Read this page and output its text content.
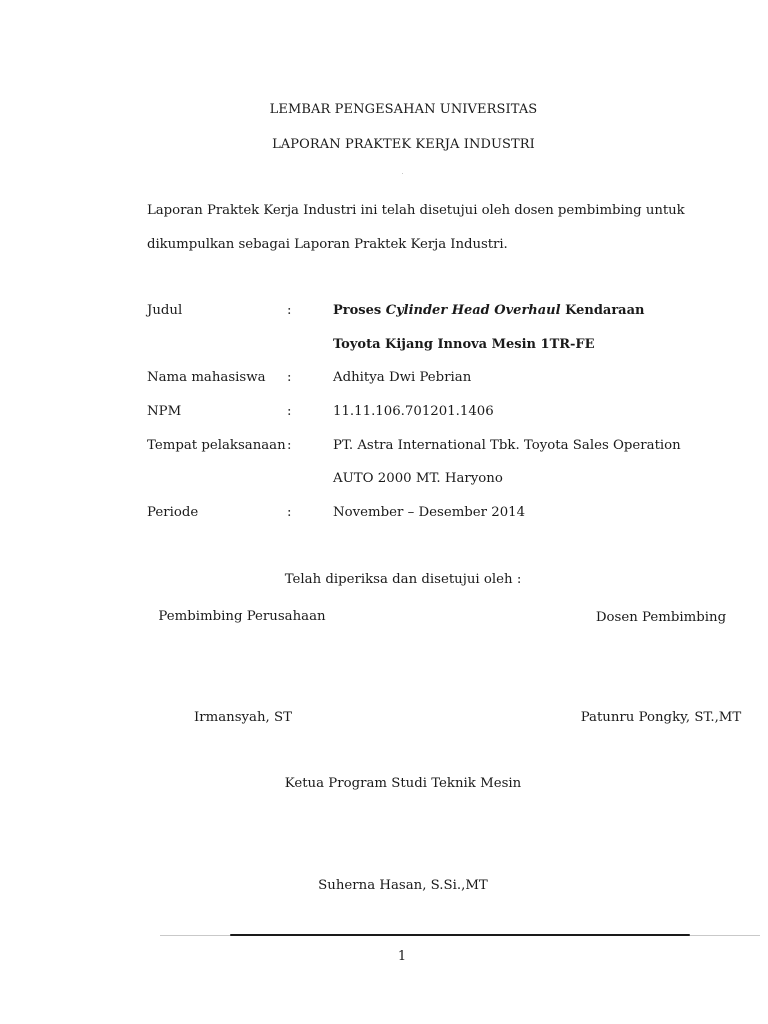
LEMBAR PENGESAHAN UNIVERSITAS
LAPORAN PRAKTEK KERJA INDUSTRI
Laporan Praktek Kerja Industri ini telah disetujui oleh dosen pembimbing untuk
dikumpulkan sebagai Laporan Praktek Kerja Industri.
Judul	:	Proses Cylinder Head Overhaul Kendaraan
Toyota Kijang Innova Mesin 1TR-FE
Nama mahasiswa :	Adhitya Dwi Pebrian
NPM	:	11.11.106.701201.1406
Tempat pelaksanaan :	PT. Astra International Tbk. Toyota Sales Operation
AUTO 2000 MT. Haryono
Periode	:	November – Desember 2014
Telah diperiksa dan disetujui oleh :
Pembimbing Perusahaan	Dosen Pembimbing
Irmansyah, ST	Patunru Pongky, ST.,MT
Ketua Program Studi Teknik Mesin
Suherna Hasan, S.Si.,MT
1
